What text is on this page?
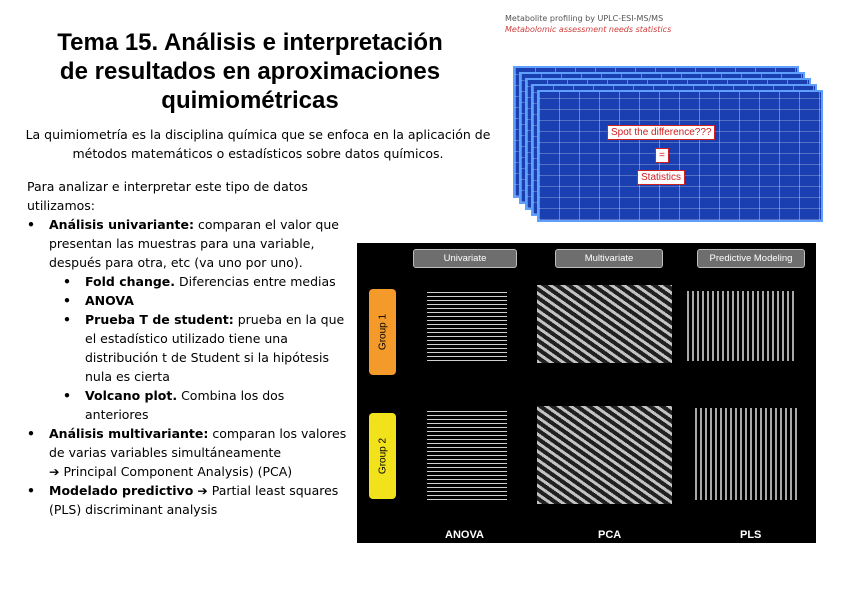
Tema 15. Análisis e interpretación de resultados en aproximaciones quimiométricas
La quimiometría es la disciplina química que se enfoca en la aplicación de métodos matemáticos o estadísticos sobre datos químicos.

Para analizar e interpretar este tipo de datos utilizamos:

• Análisis univariante: comparan el valor que presentan las muestras para una variable, después para otra, etc (va uno por uno).

• Fold change. Diferencias entre medias

• ANOVA

• Prueba T de student: prueba en la que el estadístico utilizado tiene una distribución t de Student si la hipótesis nula es cierta

• Volcano plot. Combina los dos anteriores

• Análisis multivariante: comparan los valores de varias variables simultáneamente
➔ Principal Component Analysis) (PCA)

• Modelado predictivo ➔ Partial least squares (PLS) discriminant analysis

Metabolite profiling by UPLC-ESI-MS/MS
Metabolomic assessment needs statistics
Spot the difference???
=
Statistics
Univariate	Multivariate	Predictive Modeling
Group 1
Group 2
ANOVA	PCA	PLS
